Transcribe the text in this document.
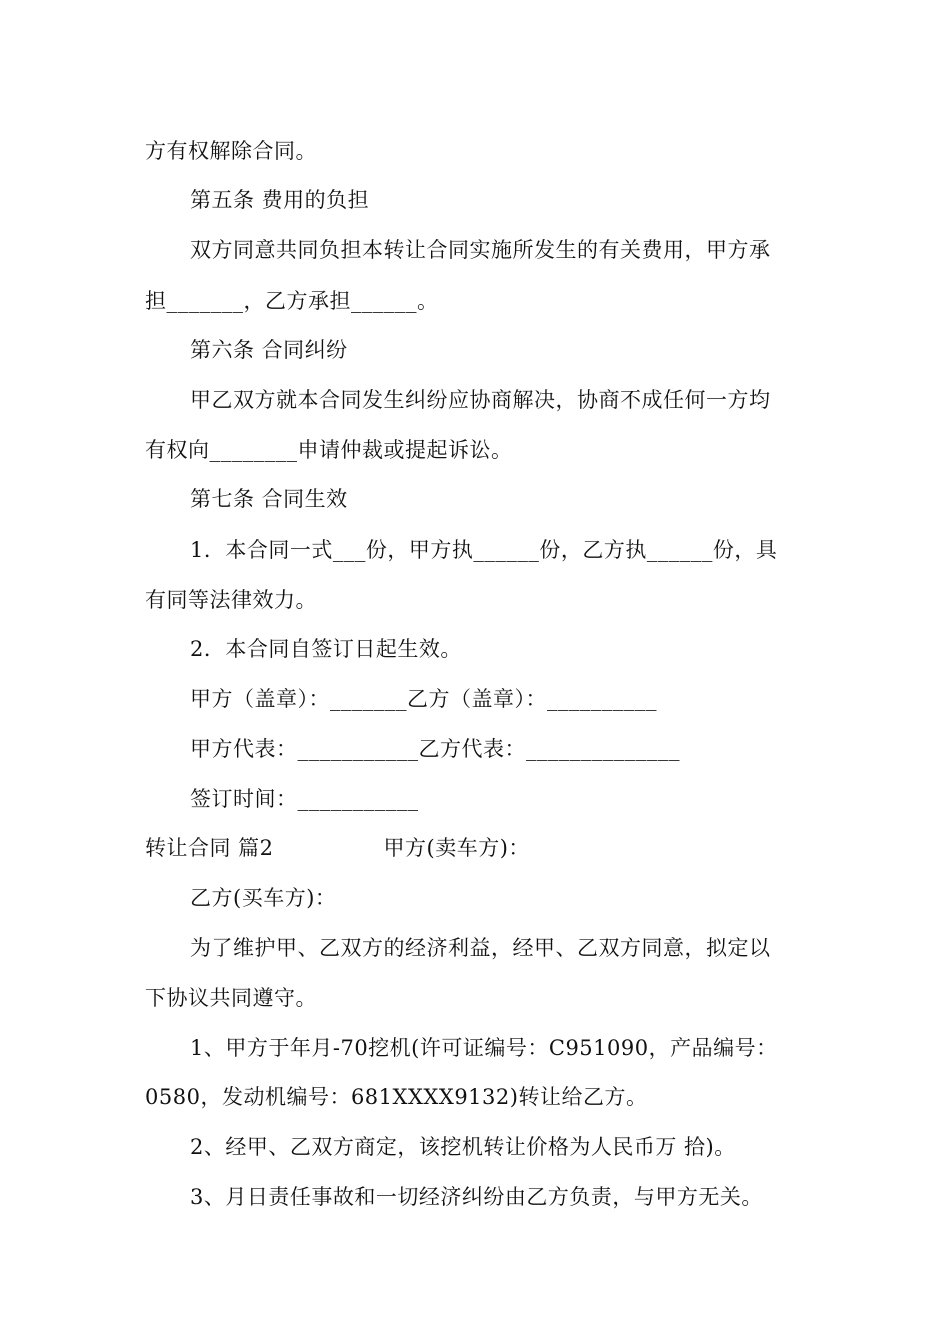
方有权解除合同。
第五条 费用的负担
双方同意共同负担本转让合同实施所发生的有关费用，甲方承
担_______，乙方承担______。
第六条 合同纠纷
甲乙双方就本合同发生纠纷应协商解决，协商不成任何一方均
有权向________申请仲裁或提起诉讼。
第七条 合同生效
1．本合同一式___份，甲方执______份，乙方执______份，具
有同等法律效力。
2．本合同自签订日起生效。
甲方（盖章）：_______乙方（盖章）：__________
甲方代表：___________乙方代表：______________
签订时间：___________
转让合同 篇2	甲方(卖车方)：
乙方(买车方)：
为了维护甲、乙双方的经济利益，经甲、乙双方同意，拟定以
下协议共同遵守。
1、甲方于年月-70挖机(许可证编号：C951090，产品编号：
0580，发动机编号：681XXXX9132)转让给乙方。
2、经甲、乙双方商定，该挖机转让价格为人民币万 拾)。
3、月日责任事故和一切经济纠纷由乙方负责，与甲方无关。
